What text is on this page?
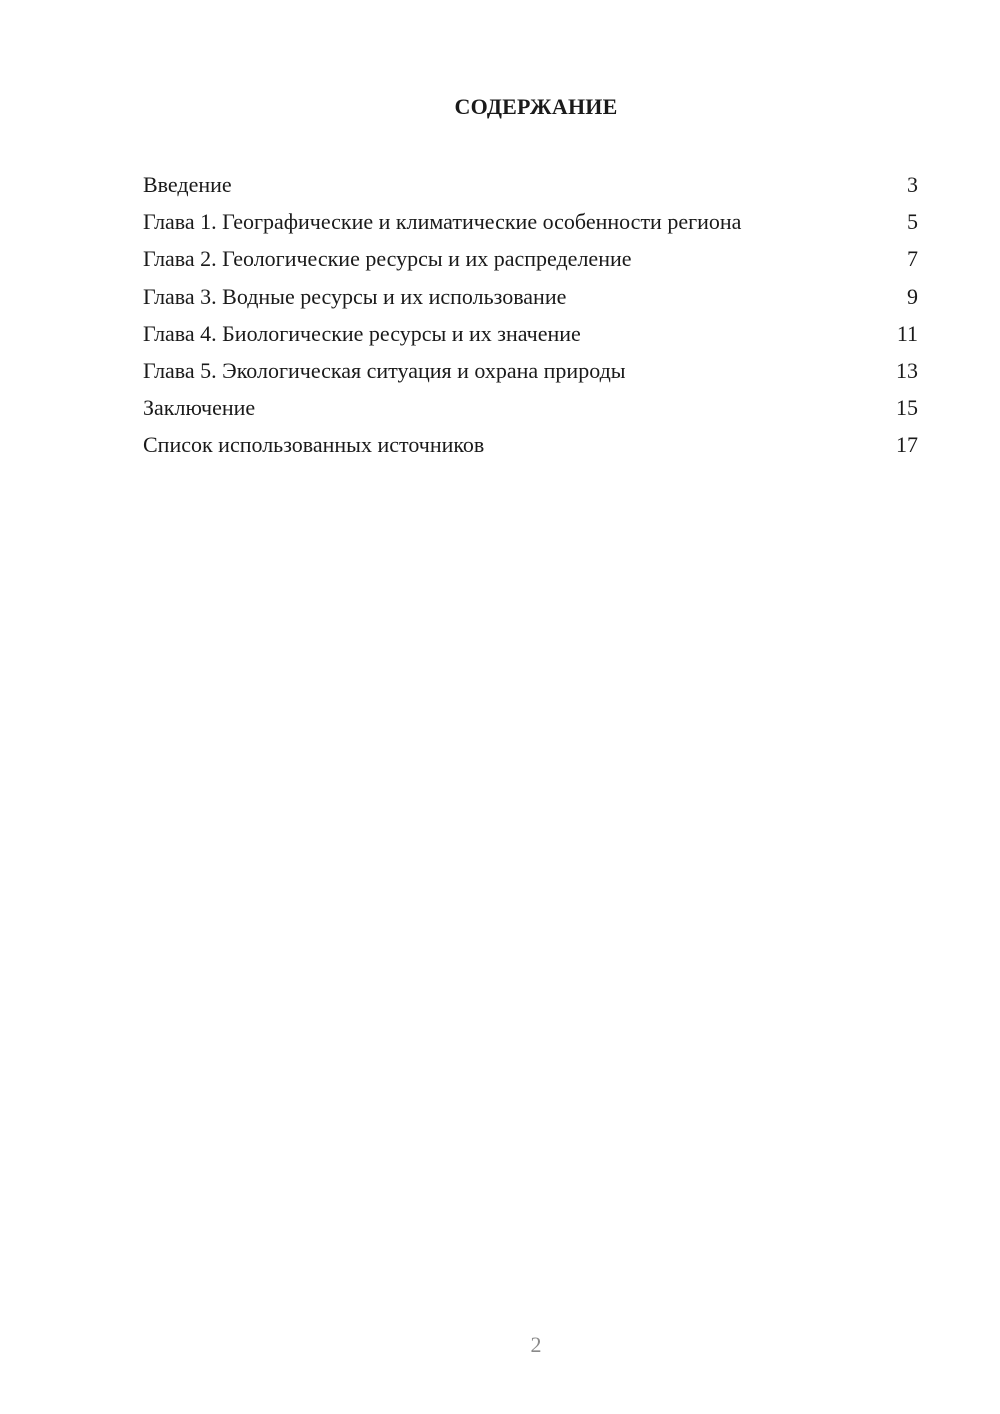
СОДЕРЖАНИЕ
Введение	3
Глава 1. Географические и климатические особенности региона	5
Глава 2. Геологические ресурсы и их распределение	7
Глава 3. Водные ресурсы и их использование	9
Глава 4. Биологические ресурсы и их значение	11
Глава 5. Экологическая ситуация и охрана природы	13
Заключение	15
Список использованных источников	17
2
